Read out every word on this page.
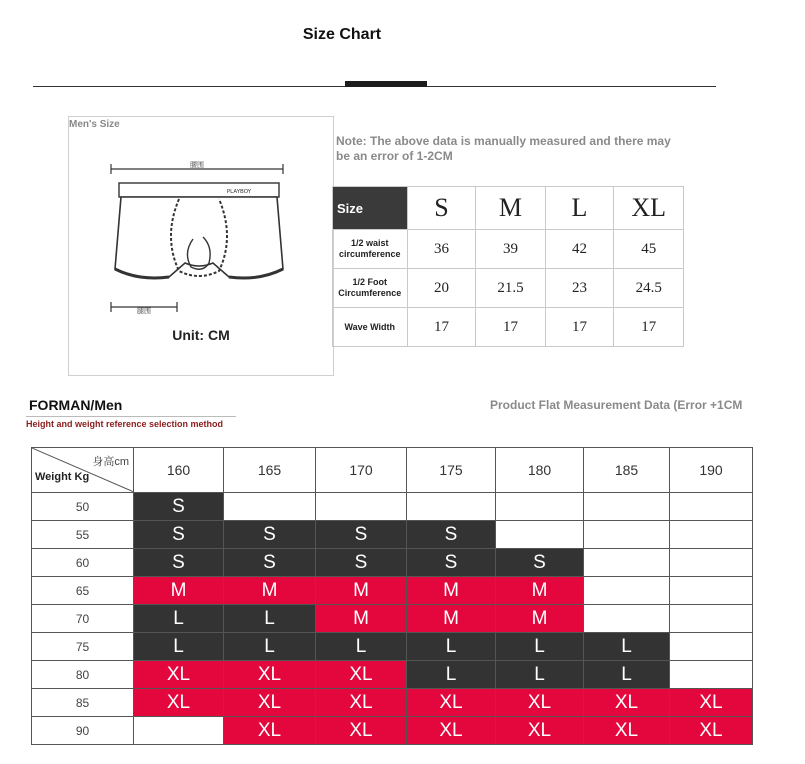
Size Chart
Men's Size
腰围
PLAYBOY
腿围
Unit: CM
Note: The above data is manually measured and there may be an error of 1-2CM
Size	S	M	L	XL
1/2 waist circumference	36	39	42	45
1/2 Foot Circumference	20	21.5	23	24.5
Wave Width	17	17	17	17
FORMAN/Men
Height and weight reference selection method
Product Flat Measurement Data (Error +1CM
身高cm
Weight Kg	160	165	170	175	180	185	190
50	S						
55	S	S	S	S			
60	S	S	S	S	S		
65	M	M	M	M	M		
70	L	L	M	M	M		
75	L	L	L	L	L	L	
80	XL	XL	XL	L	L	L	
85	XL	XL	XL	XL	XL	XL	XL
90		XL	XL	XL	XL	XL	XL
